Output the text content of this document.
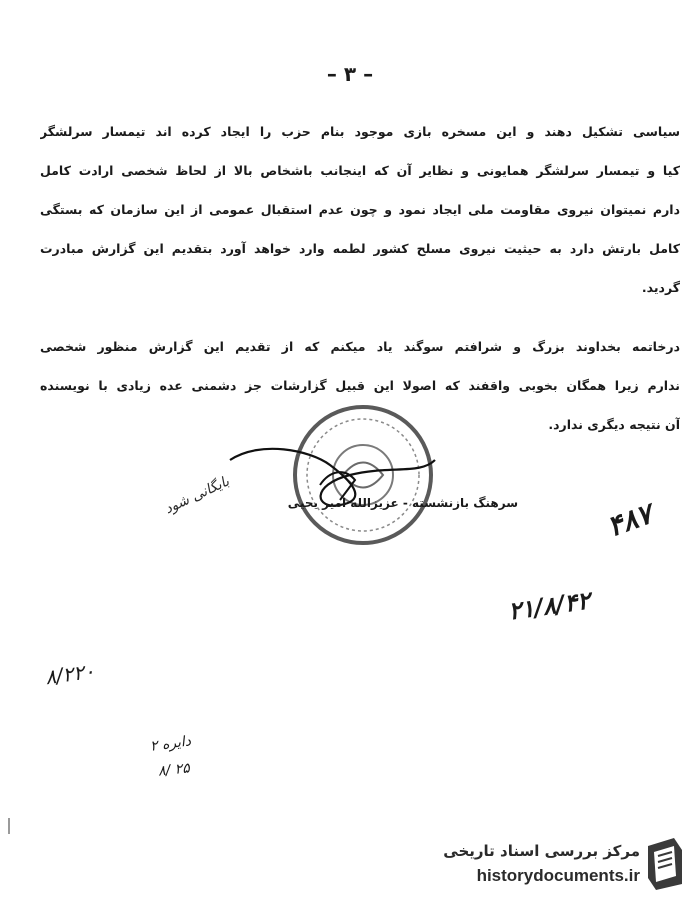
– ۳ –
سیاسی تشکیل دهند و این مسخره بازی موجود بنام حزب را ایجاد کرده اند تیمسار سرلشگر
کیا و تیمسار سرلشگر همایونی و نظایر آن که اینجانب باشخاص بالا از لحاظ شخصی ارادت کامل
دارم نمیتوان نیروی مقاومت ملی ایجاد نمود و چون عدم استقبال عمومی از این سازمان که بستگی
کامل بارتش دارد به حیثیت نیروی مسلح کشور لطمه وارد خواهد آورد بتقدیم این گزارش مبادرت
گردید.
درخاتمه بخداوند بزرگ و شرافتم سوگند یاد میکنم که از تقدیم این گزارش منظور شخصی
ندارم زیرا همگان بخوبی واقفند که اصولا این قبیل گزارشات جز دشمنی عده زیادی با نویسنده
آن نتیجه دیگری ندارد.
سرهنگ بازنشسته - عزیزالله امیر یحیی	۴۸۷
۲۱/۸/۴۲
بایگانی شود
۸/۲۲۰
دایره ۲
۸/ ۲۵
مرکز بررسی اسناد تاریخی
historydocuments.ir
